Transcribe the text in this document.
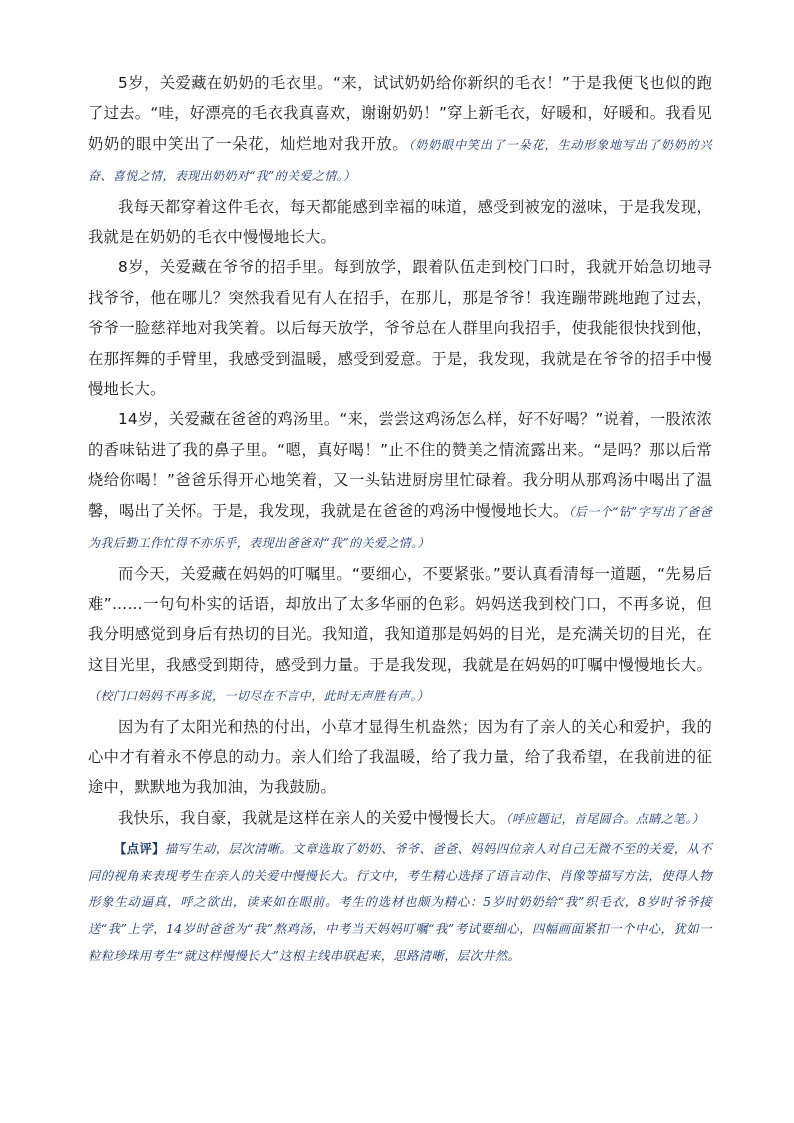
5岁，关爱藏在奶奶的毛衣里。“来，试试奶奶给你新织的毛衣！”于是我便飞也似的跑了过去。“哇，好漂亮的毛衣我真喜欢，谢谢奶奶！”穿上新毛衣，好暖和，好暖和。我看见奶奶的眼中笑出了一朵花，灿烂地对我开放。（奶奶眼中笑出了一朵花，生动形象地写出了奶奶的兴奋、喜悦之情，表现出奶奶对“我”的关爱之情。）

我每天都穿着这件毛衣，每天都能感到幸福的味道，感受到被宠的滋味，于是我发现，我就是在奶奶的毛衣中慢慢地长大。

8岁，关爱藏在爷爷的招手里。每到放学，跟着队伍走到校门口时，我就开始急切地寻找爷爷，他在哪儿？突然我看见有人在招手，在那儿，那是爷爷！我连蹦带跳地跑了过去，爷爷一脸慈祥地对我笑着。以后每天放学，爷爷总在人群里向我招手，使我能很快找到他，在那挥舞的手臂里，我感受到温暖，感受到爱意。于是，我发现，我就是在爷爷的招手中慢慢地长大。

14岁，关爱藏在爸爸的鸡汤里。“来，尝尝这鸡汤怎么样，好不好喝？”说着，一股浓浓的香味钻进了我的鼻子里。“嗯，真好喝！”止不住的赞美之情流露出来。“是吗？那以后常烧给你喝！”爸爸乐得开心地笑着，又一头钻进厨房里忙碌着。我分明从那鸡汤中喝出了温馨，喝出了关怀。于是，我发现，我就是在爸爸的鸡汤中慢慢地长大。（后一个“钻”字写出了爸爸为我后勤工作忙得不亦乐乎，表现出爸爸对“我”的关爱之情。）

而今天，关爱藏在妈妈的叮嘱里。“要细心，不要紧张。”要认真看清每一道题，“先易后难”……一句句朴实的话语，却放出了太多华丽的色彩。妈妈送我到校门口，不再多说，但我分明感觉到身后有热切的目光。我知道，我知道那是妈妈的目光，是充满关切的目光，在这目光里，我感受到期待，感受到力量。于是我发现，我就是在妈妈的叮嘱中慢慢地长大。（校门口妈妈不再多说，一切尽在不言中，此时无声胜有声。）

因为有了太阳光和热的付出，小草才显得生机盎然；因为有了亲人的关心和爱护，我的心中才有着永不停息的动力。亲人们给了我温暖，给了我力量，给了我希望，在我前进的征途中，默默地为我加油，为我鼓励。

我快乐，我自豪，我就是这样在亲人的关爱中慢慢长大。（呼应题记，首尾圆合。点睛之笔。）

【点评】描写生动，层次清晰。文章选取了奶奶、爷爷、爸爸、妈妈四位亲人对自己无微不至的关爱，从不同的视角来表现考生在亲人的关爱中慢慢长大。行文中，考生精心选择了语言动作、肖像等描写方法，使得人物形象生动逼真，呼之欲出，读来如在眼前。考生的选材也颇为精心：5岁时奶奶给“我”织毛衣，8岁时爷爷接送“我”上学，14岁时爸爸为“我”熬鸡汤，中考当天妈妈叮嘱“我”考试要细心，四幅画面紧扣一个中心，犹如一粒粒珍珠用考生“就这样慢慢长大”这根主线串联起来，思路清晰，层次井然。
